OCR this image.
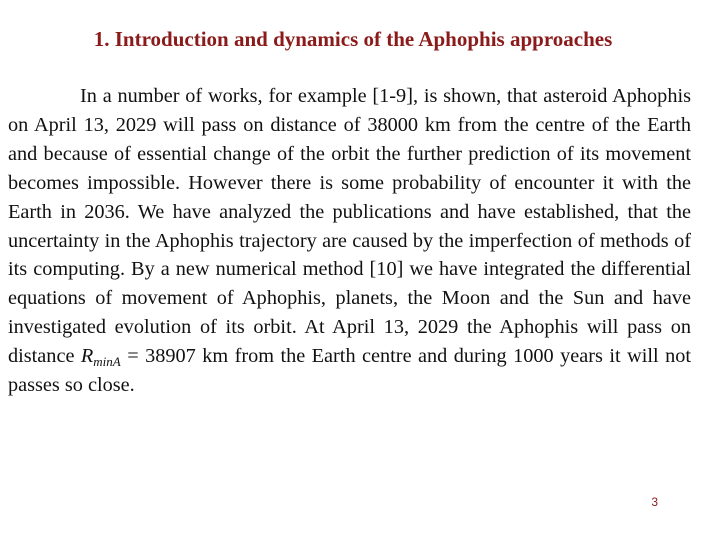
1. Introduction and dynamics of the Aphophis approaches

In a number of works, for example [1-9], is shown, that asteroid Aphophis on April 13, 2029 will pass on distance of 38000 km from the centre of the Earth and because of essential change of the orbit the further prediction of its movement becomes impossible. However there is some probability of encounter it with the Earth in 2036. We have analyzed the publications and have established, that the uncertainty in the Aphophis trajectory are caused by the imperfection of methods of its computing. By a new numerical method [10] we have integrated the differential equations of movement of Aphophis, planets, the Moon and the Sun and have investigated evolution of its orbit. At April 13, 2029 the Aphophis will pass on distance RminA = 38907 km from the Earth centre and during 1000 years it will not passes so close.

3
